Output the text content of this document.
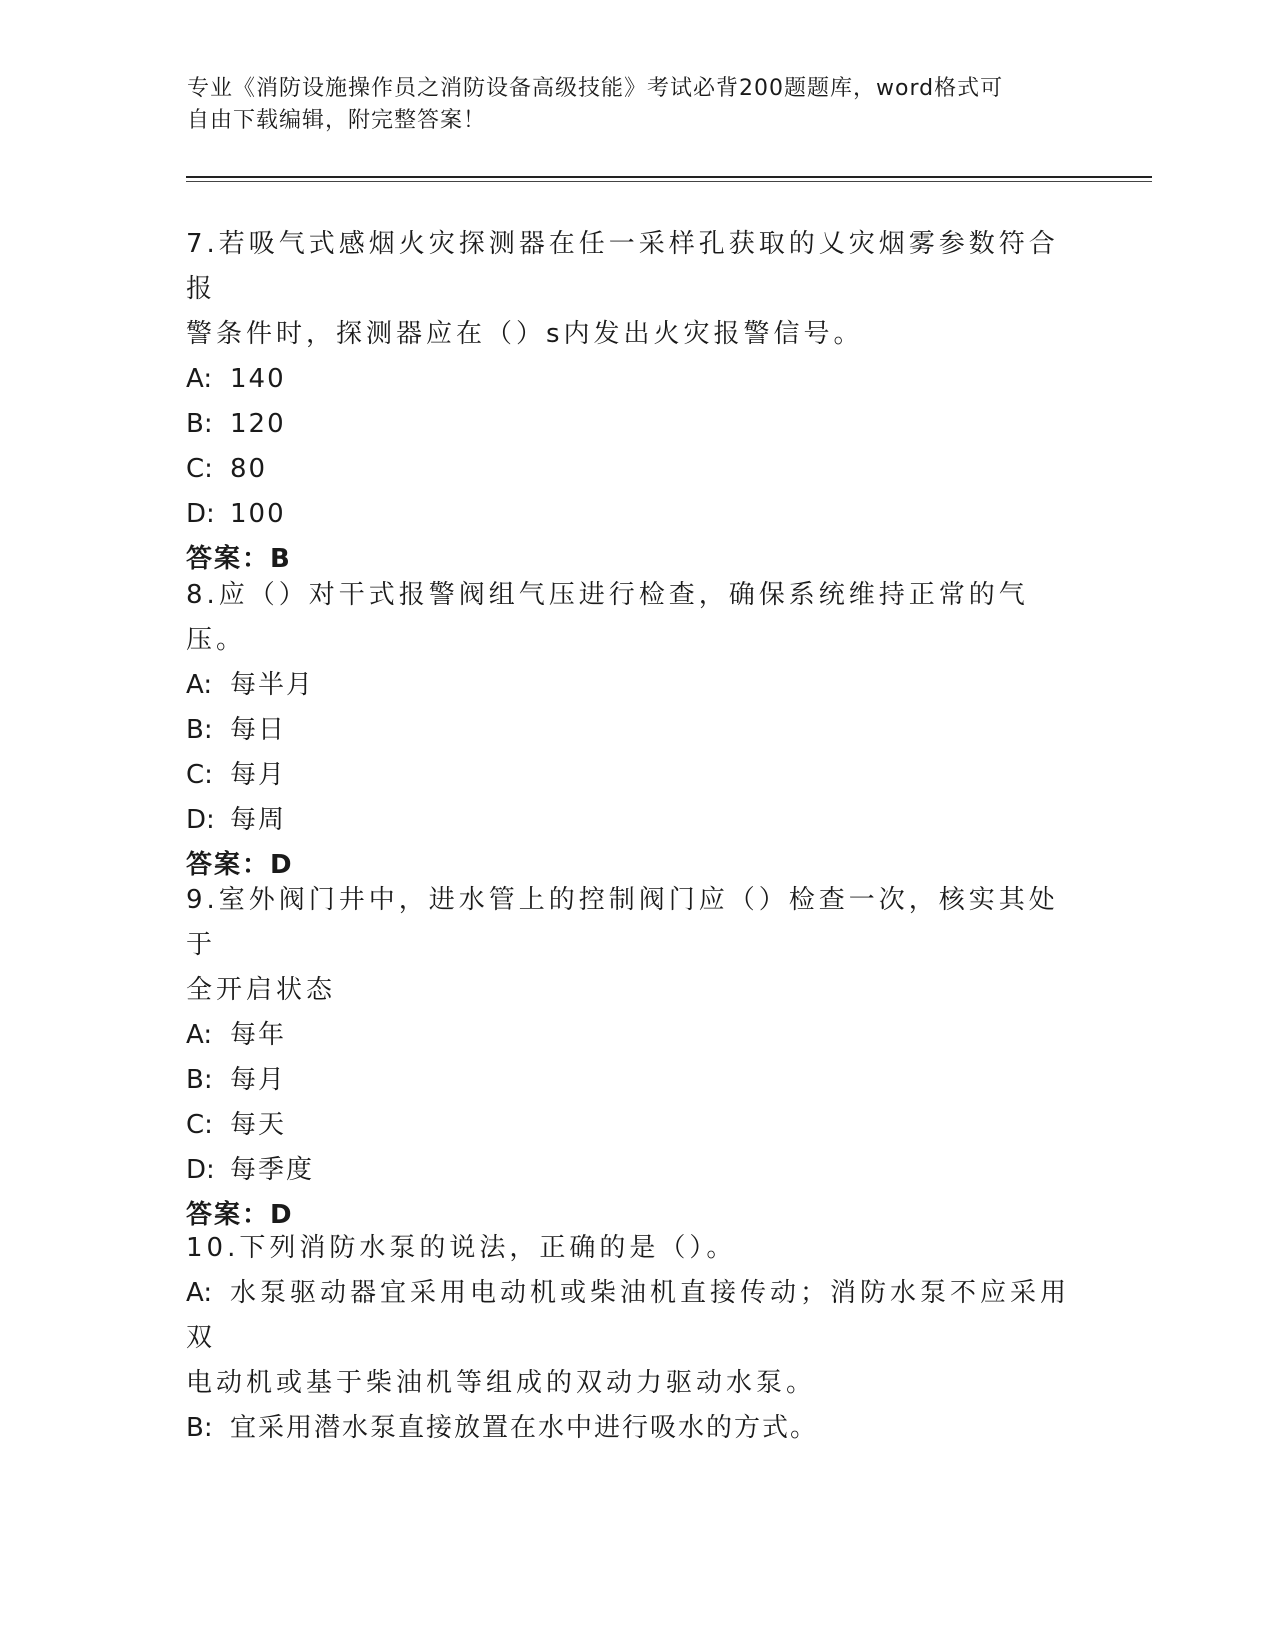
专业《消防设施操作员之消防设备高级技能》考试必背200题题库，word格式可
自由下载编辑，附完整答案！

7.若吸气式感烟火灾探测器在任一采样孔获取的乂灾烟雾参数符合报

警条件时，探测器应在（）s内发出火灾报警信号。

A: 140

B: 120

C: 80

D: 100

答案：B

8.应（）对干式报警阀组气压进行检查，确保系统维持正常的气压。

A: 每半月

B: 每日

C: 每月

D: 每周

答案：D

9.室外阀门井中，进水管上的控制阀门应（）检查一次，核实其处于

全开启状态

A: 每年

B: 每月

C: 每天

D: 每季度

答案：D

10.下列消防水泵的说法，正确的是（）。

A: 水泵驱动器宜采用电动机或柴油机直接传动；消防水泵不应采用双

电动机或基于柴油机等组成的双动力驱动水泵。

B: 宜采用潜水泵直接放置在水中进行吸水的方式。
